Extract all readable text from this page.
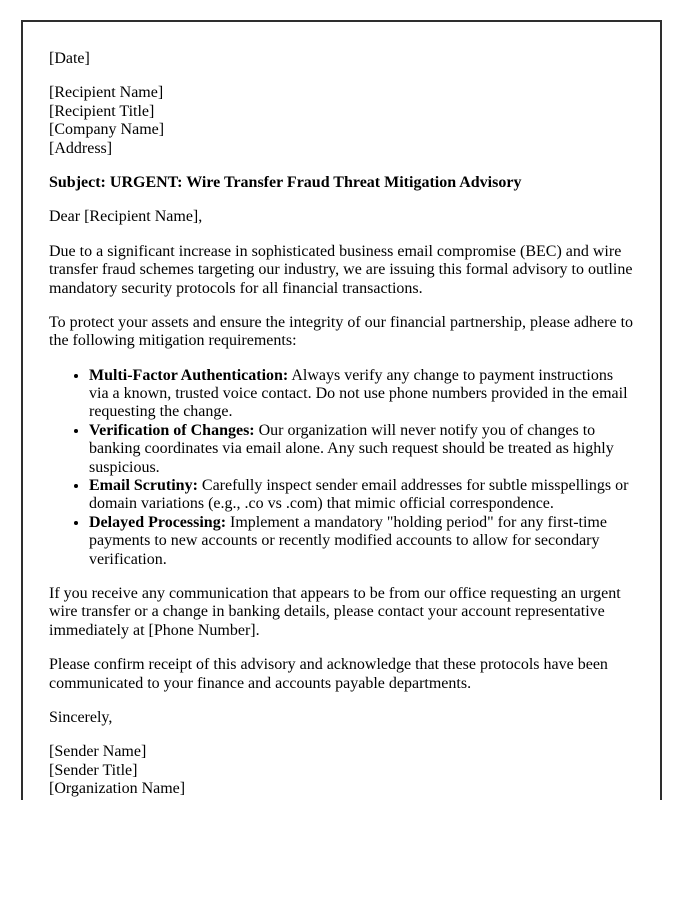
[Date]

[Recipient Name]
[Recipient Title]
[Company Name]
[Address]

Subject: URGENT: Wire Transfer Fraud Threat Mitigation Advisory

Dear [Recipient Name],

Due to a significant increase in sophisticated business email compromise (BEC) and wire transfer fraud schemes targeting our industry, we are issuing this formal advisory to outline mandatory security protocols for all financial transactions.

To protect your assets and ensure the integrity of our financial partnership, please adhere to the following mitigation requirements:

• Multi-Factor Authentication: Always verify any change to payment instructions via a known, trusted voice contact. Do not use phone numbers provided in the email requesting the change.
• Verification of Changes: Our organization will never notify you of changes to banking coordinates via email alone. Any such request should be treated as highly suspicious.
• Email Scrutiny: Carefully inspect sender email addresses for subtle misspellings or domain variations (e.g., .co vs .com) that mimic official correspondence.
• Delayed Processing: Implement a mandatory "holding period" for any first-time payments to new accounts or recently modified accounts to allow for secondary verification.

If you receive any communication that appears to be from our office requesting an urgent wire transfer or a change in banking details, please contact your account representative immediately at [Phone Number].

Please confirm receipt of this advisory and acknowledge that these protocols have been communicated to your finance and accounts payable departments.

Sincerely,

[Sender Name]
[Sender Title]
[Organization Name]
